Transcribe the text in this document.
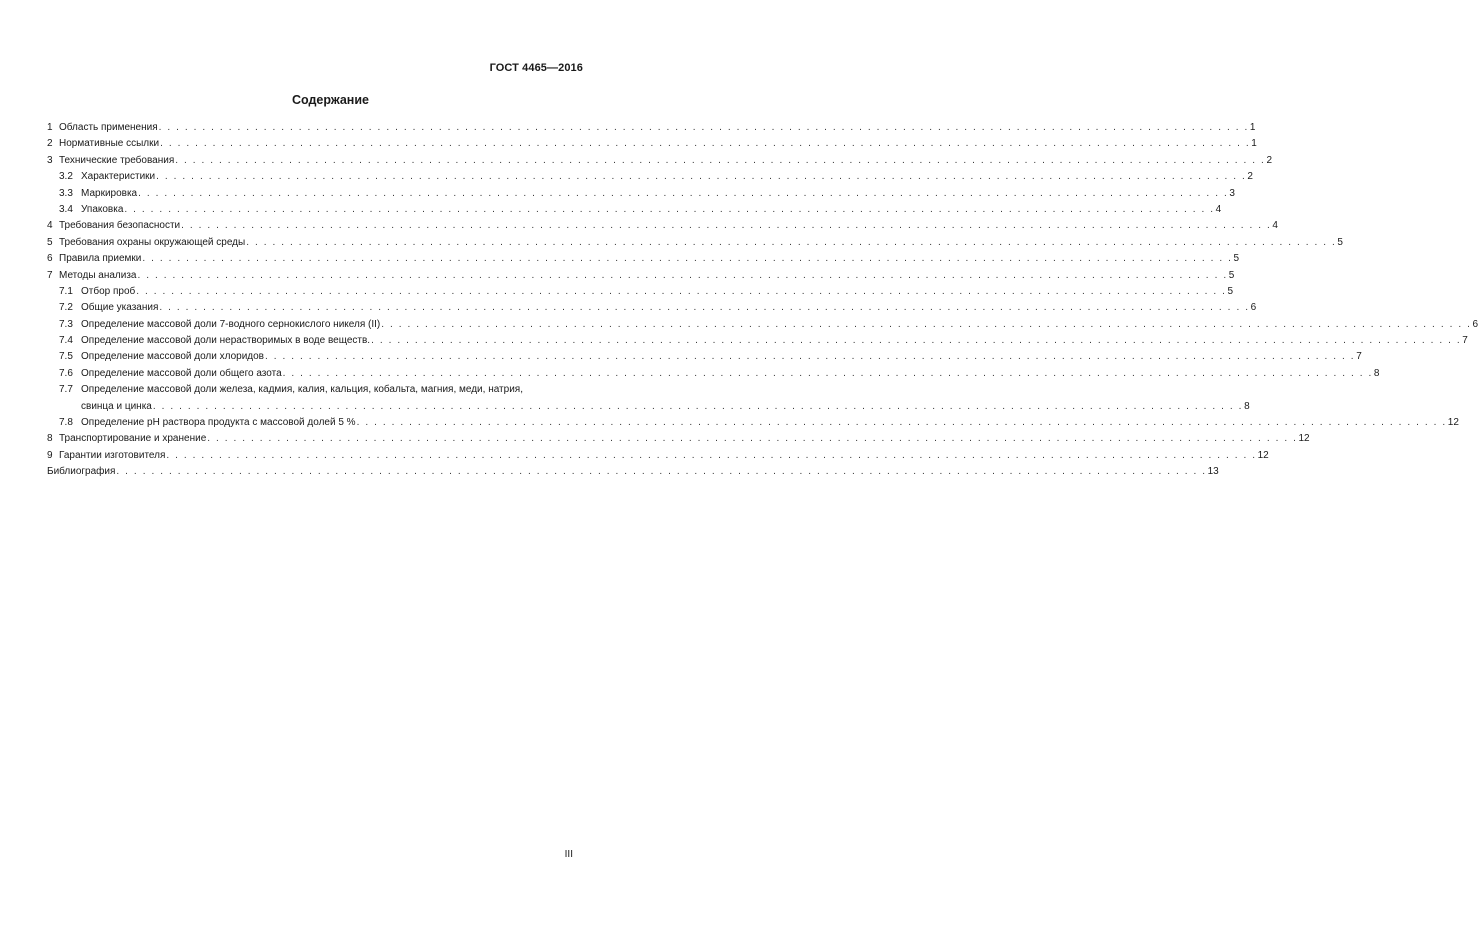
ГОСТ 4465—2016
Содержание
1 Область применения . . .	1
2 Нормативные ссылки . . .	1
3 Технические требования . . .	2
3.2 Характеристики . . .	2
3.3 Маркировка . . .	3
3.4 Упаковка . . .	4
4 Требования безопасности . . .	4
5 Требования охраны окружающей среды . . .	5
6 Правила приемки . . .	5
7 Методы анализа . . .	5
7.1 Отбор проб . . .	5
7.2 Общие указания . . .	6
7.3 Определение массовой доли 7-водного сернокислого никеля (II) . . .	6
7.4 Определение массовой доли нерастворимых в воде веществ. . . .	7
7.5 Определение массовой доли хлоридов . . .	7
7.6 Определение массовой доли общего азота . . .	8
7.7 Определение массовой доли железа, кадмия, калия, кальция, кобальта, магния, меди, натрия,
свинца и цинка . . .	8
7.8 Определение pH раствора продукта с массовой долей 5 % . . .	12
8 Транспортирование и хранение . . .	12
9 Гарантии изготовителя . . .	12
Библиография . . .	13
III
